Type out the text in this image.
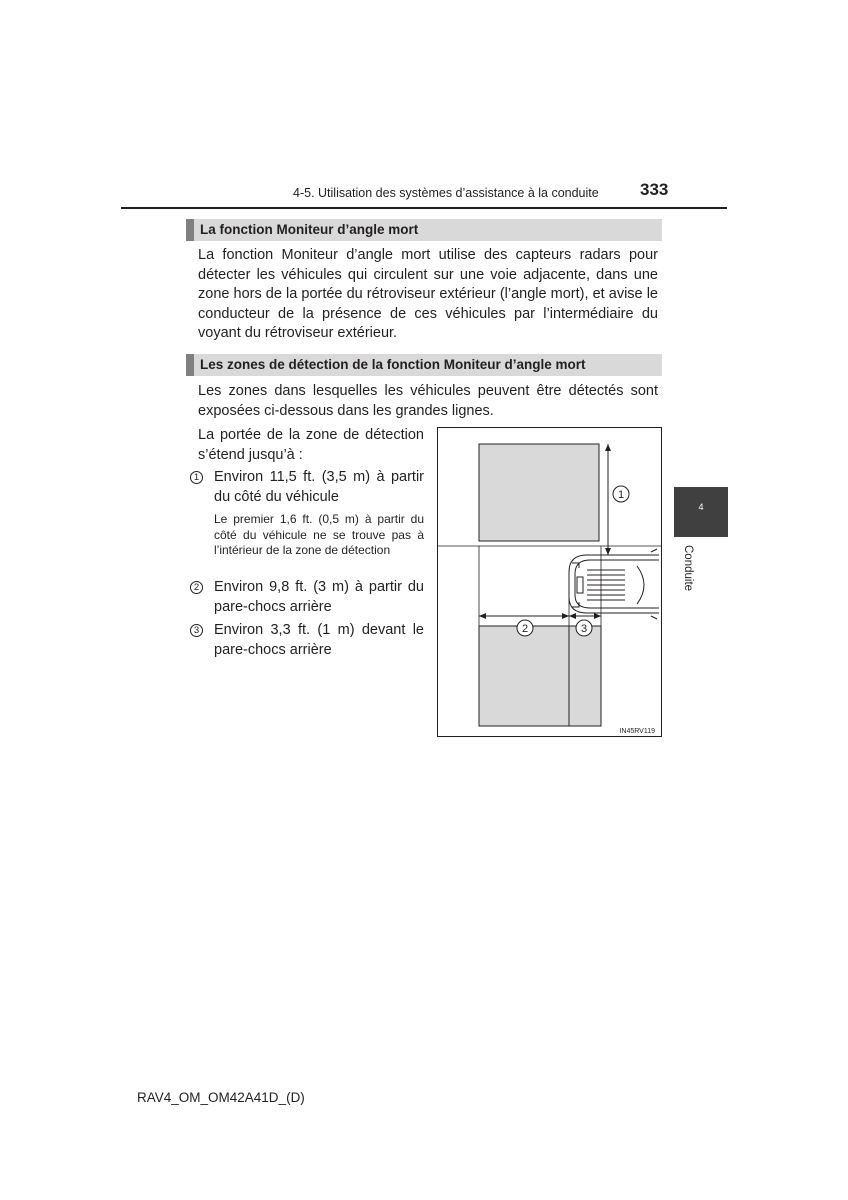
4-5. Utilisation des systèmes d’assistance à la conduite 333
La fonction Moniteur d’angle mort

La fonction Moniteur d’angle mort utilise des capteurs radars pour détecter les véhicules qui circulent sur une voie adjacente, dans une zone hors de la portée du rétroviseur extérieur (l’angle mort), et avise le conducteur de la présence de ces véhicules par l’intermédiaire du voyant du rétroviseur extérieur.

Les zones de détection de la fonction Moniteur d’angle mort

Les zones dans lesquelles les véhicules peuvent être détectés sont exposées ci-dessous dans les grandes lignes.

La portée de la zone de détection s’étend jusqu’à :

1 Environ 11,5 ft. (3,5 m) à partir du côté du véhicule

Le premier 1,6 ft. (0,5 m) à partir du côté du véhicule ne se trouve pas à l’intérieur de la zone de détection

2 Environ 9,8 ft. (3 m) à partir du pare-chocs arrière
3 Environ 3,3 ft. (1 m) devant le pare-chocs arrière
1
2	3
IN45RV119
4
Conduite
RAV4_OM_OM42A41D_(D)
